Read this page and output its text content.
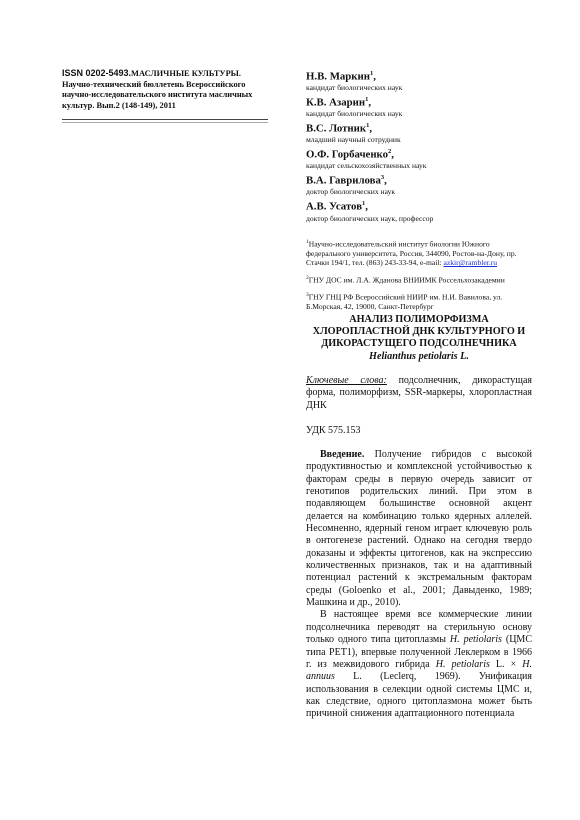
ISSN 0202-5493.МАСЛИЧНЫЕ КУЛЬТУРЫ. Научно-технический бюллетень Всероссийского научно-исследовательского института масличных культур. Вып.2 (148-149), 2011
Н.В. Маркин$^1$,
кандидат биологических наук
К.В. Азарин$^1$,
кандидат биологических наук
В.С. Лотник$^1$,
младший научный сотрудник
О.Ф. Горбаченко$^2$,
кандидат сельскохозяйственных наук
В.А. Гаврилова$^3$,
доктор биологических наук
А.В. Усатов$^1$,
доктор биологических наук, профессор

$^1$Научно-исследовательский институт биологии Южного федерального университета, Россия, 344090, Ростов-на-Дону, пр. Стачки 194/1, тел. (863) 243-33-94, e-mail: azkir@rambler.ru

$^2$ГНУ ДОС им. Л.А. Жданова ВНИИМК Россельхозакадемии

$^3$ГНУ ГНЦ РФ Всероссийский НИИР им. Н.И. Вавилова, ул. Б.Морская, 42, 19000, Санкт-Петербург

АНАЛИЗ ПОЛИМОРФИЗМА ХЛОРОПЛАСТНОЙ ДНК КУЛЬТУРНОГО И ДИКОРАСТУЩЕГО ПОДСОЛНЕЧНИКА Helianthus petiolaris L.
Ключевые слова: подсолнечник, дикорастущая форма, полиморфизм, SSR-маркеры, хлоропластная ДНК
УДК 575.153

Введение. Получение гибридов с высокой продуктивностью и комплексной устойчивостью к факторам среды в первую очередь зависит от генотипов родительских линий. При этом в подавляющем большинстве основной акцент делается на комбинацию только ядерных аллелей. Несомненно, ядерный геном играет ключевую роль в онтогенезе растений. Однако на сегодня твердо доказаны и эффекты цитогенов, как на экспрессию количественных признаков, так и на адаптивный потенциал растений к экстремальным факторам среды (Goloenko et al., 2001; Давыденко, 1989; Машкина и др., 2010).

В настоящее время все коммерческие линии подсолнечника переводят на стерильную основу только одного типа цитоплазмы H. petiolaris (ЦМС типа PET1), впервые полученной Леклерком в 1966 г. из межвидового гибрида H. petiolaris L. × H. annuus L. (Leclerq, 1969). Унификация использования в селекции одной системы ЦМС и, как следствие, одного цитоплазмона может быть причиной снижения адаптационного потенциала
